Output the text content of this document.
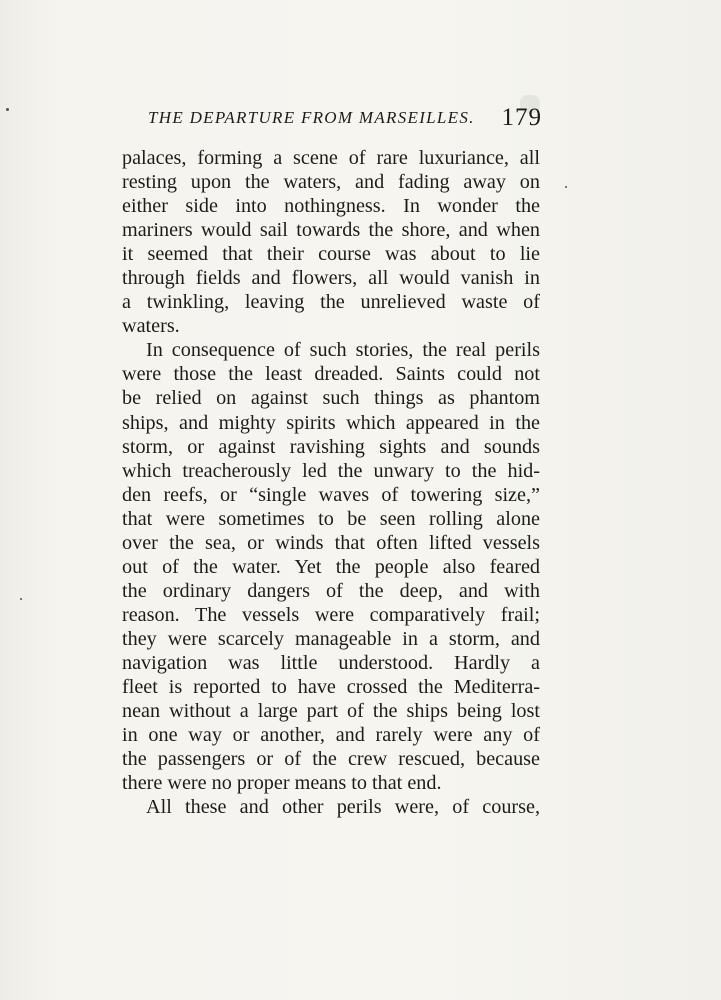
THE DEPARTURE FROM MARSEILLES. 179
palaces, forming a scene of rare luxuriance, all
resting upon the waters, and fading away on
either side into nothingness. In wonder the
mariners would sail towards the shore, and when
it seemed that their course was about to lie
through fields and flowers, all would vanish in
a twinkling, leaving the unrelieved waste of
waters.
In consequence of such stories, the real perils
were those the least dreaded. Saints could not
be relied on against such things as phantom
ships, and mighty spirits which appeared in the
storm, or against ravishing sights and sounds
which treacherously led the unwary to the hid-
den reefs, or “single waves of towering size,”
that were sometimes to be seen rolling alone
over the sea, or winds that often lifted vessels
out of the water. Yet the people also feared
the ordinary dangers of the deep, and with
reason. The vessels were comparatively frail;
they were scarcely manageable in a storm, and
navigation was little understood. Hardly a
fleet is reported to have crossed the Mediterra-
nean without a large part of the ships being lost
in one way or another, and rarely were any of
the passengers or of the crew rescued, because
there were no proper means to that end.
All these and other perils were, of course,
